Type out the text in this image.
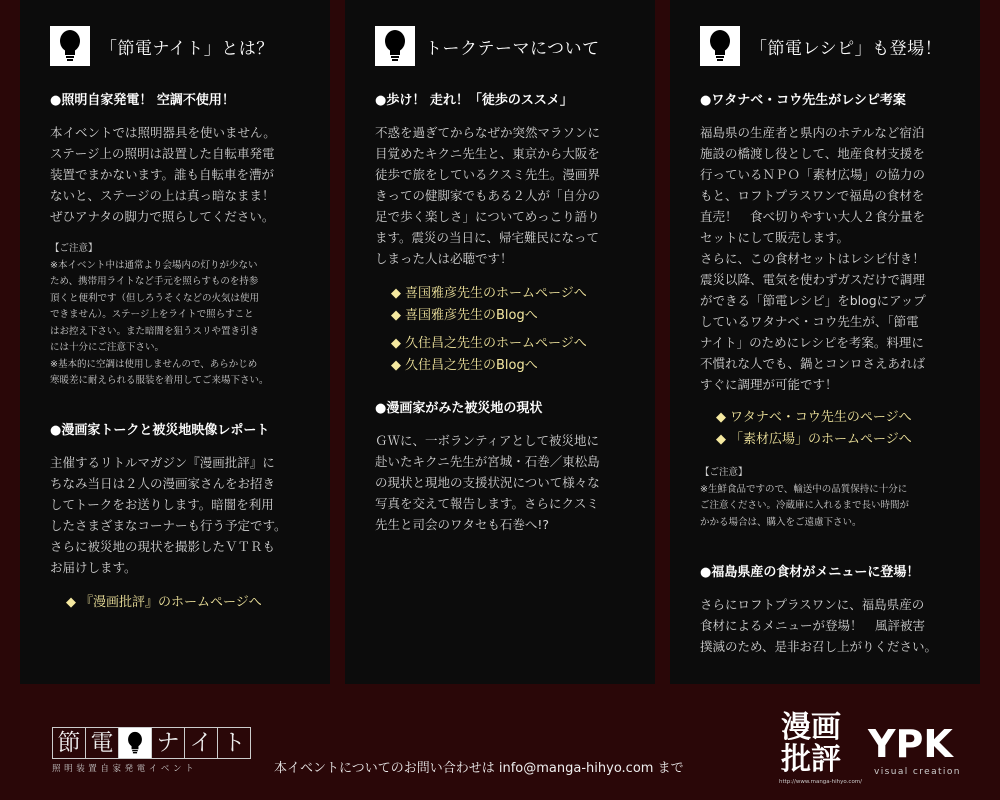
「節電ナイト」とは？
●照明自家発電！ 空調不使用！
本イベントでは照明器具を使いません。
ステージ上の照明は設置した自転車発電
装置でまかないます。誰も自転車を漕が
ないと、ステージの上は真っ暗なまま！
ぜひアナタの脚力で照らしてください。
【ご注意】
※本イベント中は通常より会場内の灯りが少ない
ため、携帯用ライトなど手元を照らすものを持参
頂くと便利です（但しろうそくなどの火気は使用
できません）。ステージ上をライトで照らすこと
はお控え下さい。また暗闇を狙うスリや置き引き
には十分にご注意下さい。
※基本的に空調は使用しませんので、あらかじめ
寒暖差に耐えられる服装を着用してご来場下さい。
●漫画家トークと被災地映像レポート
主催するリトルマガジン『漫画批評』に
ちなみ当日は２人の漫画家さんをお招き
してトークをお送りします。暗闇を利用
したさまざまなコーナーも行う予定です。
さらに被災地の現状を撮影したＶＴＲも
お届けします。
◆ 『漫画批評』のホームページへ
トークテーマについて
●歩け！ 走れ！「徒歩のススメ」
不惑を過ぎてからなぜか突然マラソンに
目覚めたキクニ先生と、東京から大阪を
徒歩で旅をしているクスミ先生。漫画界
きっての健脚家でもある２人が「自分の
足で歩く楽しさ」についてめっこり語り
ます。震災の当日に、帰宅難民になって
しまった人は必聴です！
◆ 喜国雅彦先生のホームページへ
◆ 喜国雅彦先生のBlogへ
◆ 久住昌之先生のホームページへ
◆ 久住昌之先生のBlogへ
●漫画家がみた被災地の現状
ＧＷに、一ボランティアとして被災地に
赴いたキクニ先生が宮城・石巻／東松島
の現状と現地の支援状況について様々な
写真を交えて報告します。さらにクスミ
先生と司会のワタセも石巻へ!?
「節電レシピ」も登場！
●ワタナベ・コウ先生がレシピ考案
福島県の生産者と県内のホテルなど宿泊
施設の橋渡し役として、地産食材支援を
行っているＮＰＯ「素材広場」の協力の
もと、ロフトプラスワンで福島の食材を
直売！　食べ切りやすい大人２食分量を
セットにして販売します。
さらに、この食材セットはレシピ付き！
震災以降、電気を使わずガスだけで調理
ができる「節電レシピ」をblogにアップ
しているワタナベ・コウ先生が、「節電
ナイト」のためにレシピを考案。料理に
不慣れな人でも、鍋とコンロさえあれば
すぐに調理が可能です！
◆ ワタナベ・コウ先生のページへ
◆ 「素材広場」のホームページへ
【ご注意】
※生鮮食品ですので、輸送中の品質保持に十分に
ご注意ください。冷蔵庫に入れるまで長い時間が
かかる場合は、購入をご遠慮下さい。
●福島県産の食材がメニューに登場！
さらにロフトプラスワンに、福島県産の
食材によるメニューが登場！　風評被害
撲滅のため、是非お召し上がりください。
節 電 ナ イ ト
照明装置自家発電イベント	本イベントについてのお問い合わせは info@manga-hihyo.com まで
漫画
批評
http://www.manga-hihyo.com/
YPK
visual creation
